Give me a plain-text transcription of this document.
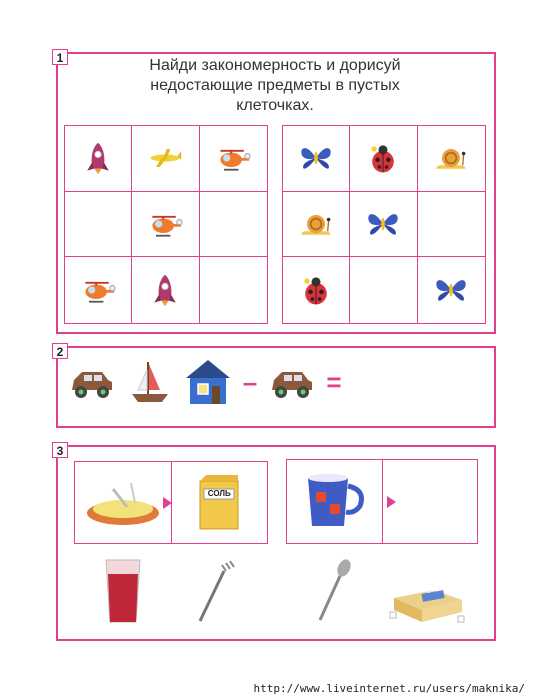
1	Найди закономерность и дорисуй
недостающие предметы в пустых
клеточках.
2
–	=
3
СОЛЬ
САХАР
http://www.liveinternet.ru/users/maknika/
